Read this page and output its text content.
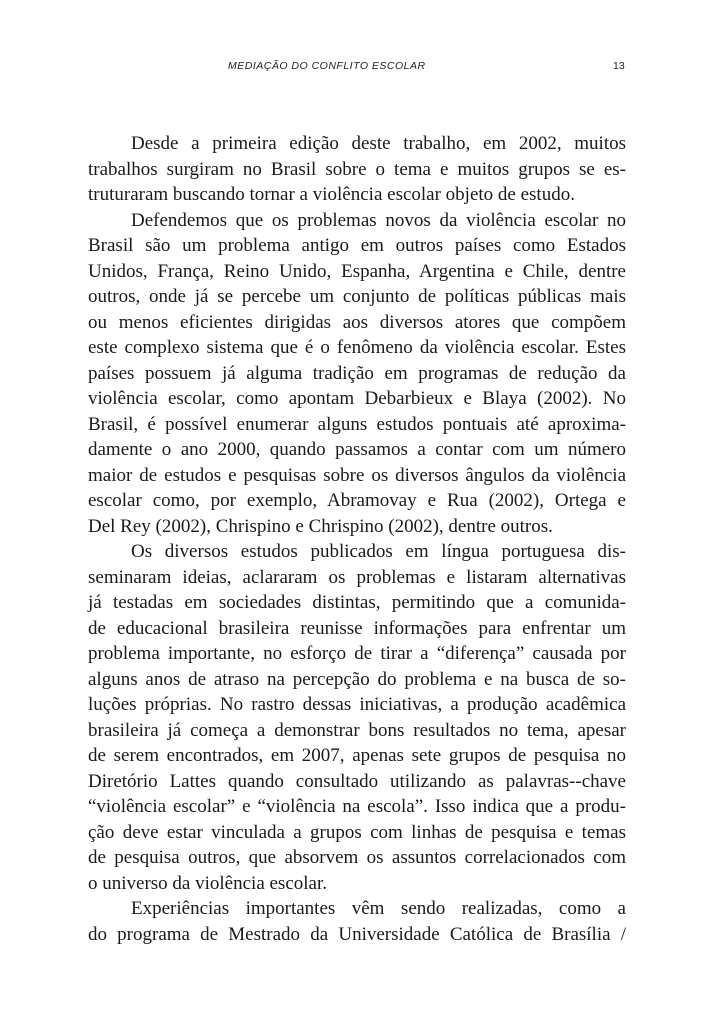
MEDIAÇÃO DO CONFLITO ESCOLAR	13
Desde a primeira edição deste trabalho, em 2002, muitos
trabalhos surgiram no Brasil sobre o tema e muitos grupos se es-
truturaram buscando tornar a violência escolar objeto de estudo.
Defendemos que os problemas novos da violência escolar no
Brasil são um problema antigo em outros países como Estados
Unidos, França, Reino Unido, Espanha, Argentina e Chile, dentre
outros, onde já se percebe um conjunto de políticas públicas mais
ou menos eficientes dirigidas aos diversos atores que compõem
este complexo sistema que é o fenômeno da violência escolar. Estes
países possuem já alguma tradição em programas de redução da
violência escolar, como apontam Debarbieux e Blaya (2002). No
Brasil, é possível enumerar alguns estudos pontuais até aproxima-
damente o ano 2000, quando passamos a contar com um número
maior de estudos e pesquisas sobre os diversos ângulos da violência
escolar como, por exemplo, Abramovay e Rua (2002), Ortega e
Del Rey (2002), Chrispino e Chrispino (2002), dentre outros.
Os diversos estudos publicados em língua portuguesa dis-
seminaram ideias, aclararam os problemas e listaram alternativas
já testadas em sociedades distintas, permitindo que a comunida-
de educacional brasileira reunisse informações para enfrentar um
problema importante, no esforço de tirar a “diferença” causada por
alguns anos de atraso na percepção do problema e na busca de so-
luções próprias. No rastro dessas iniciativas, a produção acadêmica
brasileira já começa a demonstrar bons resultados no tema, apesar
de serem encontrados, em 2007, apenas sete grupos de pesquisa no
Diretório Lattes quando consultado utilizando as palavras--chave
“violência escolar” e “violência na escola”. Isso indica que a produ-
ção deve estar vinculada a grupos com linhas de pesquisa e temas
de pesquisa outros, que absorvem os assuntos correlacionados com
o universo da violência escolar.
Experiências importantes vêm sendo realizadas, como a
do programa de Mestrado da Universidade Católica de Brasília /
